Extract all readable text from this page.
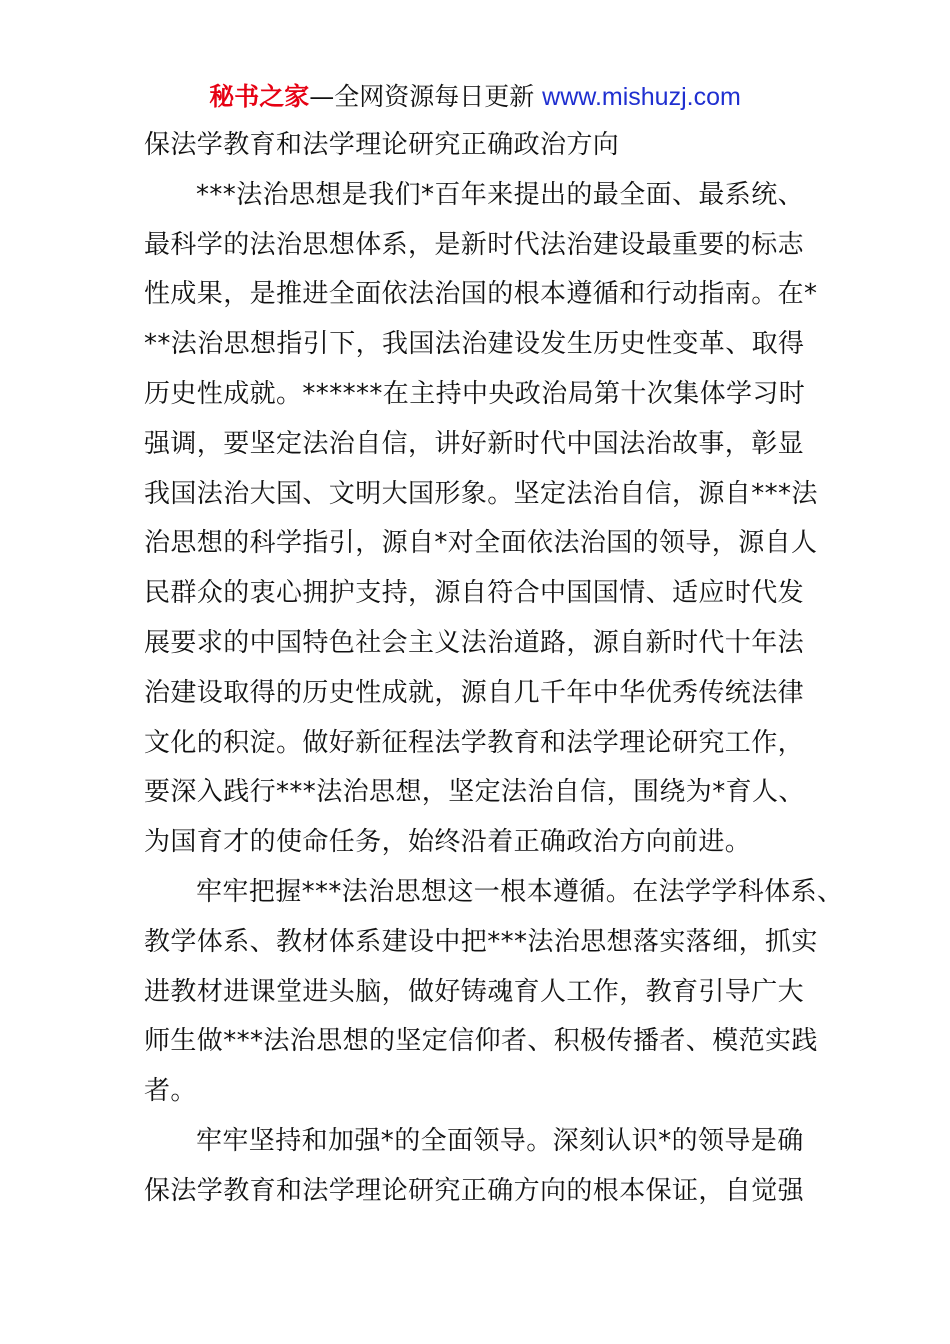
秘书之家—全网资源每日更新 www.mishuzj.com
保法学教育和法学理论研究正确政治方向
***法治思想是我们*百年来提出的最全面、最系统、
最科学的法治思想体系，是新时代法治建设最重要的标志
性成果，是推进全面依法治国的根本遵循和行动指南。在*
**法治思想指引下，我国法治建设发生历史性变革、取得
历史性成就。******在主持中央政治局第十次集体学习时
强调，要坚定法治自信，讲好新时代中国法治故事，彰显
我国法治大国、文明大国形象。坚定法治自信，源自***法
治思想的科学指引，源自*对全面依法治国的领导，源自人
民群众的衷心拥护支持，源自符合中国国情、适应时代发
展要求的中国特色社会主义法治道路，源自新时代十年法
治建设取得的历史性成就，源自几千年中华优秀传统法律
文化的积淀。做好新征程法学教育和法学理论研究工作，
要深入践行***法治思想，坚定法治自信，围绕为*育人、
为国育才的使命任务，始终沿着正确政治方向前进。
牢牢把握***法治思想这一根本遵循。在法学学科体系、
教学体系、教材体系建设中把***法治思想落实落细，抓实
进教材进课堂进头脑，做好铸魂育人工作，教育引导广大
师生做***法治思想的坚定信仰者、积极传播者、模范实践
者。
牢牢坚持和加强*的全面领导。深刻认识*的领导是确
保法学教育和法学理论研究正确方向的根本保证，自觉强
